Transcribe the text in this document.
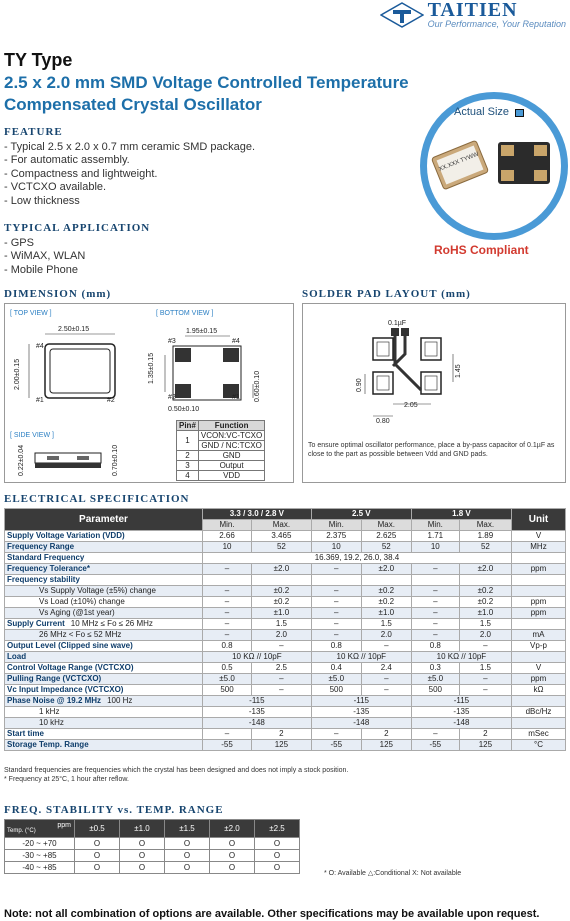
TAITIEN
Our Performance, Your Reputation
TY Type
2.5 x 2.0 mm SMD Voltage Controlled Temperature Compensated Crystal Oscillator
FEATURE
- Typical 2.5 x 2.0 x 0.7 mm ceramic SMD package.
- For automatic assembly.
- Compactness and lightweight.
- VCTCXO available.
- Low thickness
TYPICAL APPLICATION
- GPS
- WiMAX, WLAN
- Mobile Phone
Actual Size
XX.XXX TYWW
RoHS Compliant
DIMENSION (mm)
[ TOP VIEW ]	[ BOTTOM VIEW ]
[ SIDE VIEW ]
2.50±0.15
2.00±0.15
#4
#1	#2
1.95±0.15
1.35±0.15
0.60±0.10
0.50±0.10
#3	#4
#2	#1
0.22±0.04	0.70±0.10
Pin#	Function
1	VCON:VC-TCXO
	GND / NC:TCXO
2	GND
3	Output
4	VDD
SOLDER PAD LAYOUT (mm)
0.1µF
1.45
0.90
2.05
0.80
To ensure optimal oscillator performance, place a by-pass capacitor of 0.1µF as close to the part as possible between Vdd and GND pads.
ELECTRICAL SPECIFICATION
Parameter	3.3 / 3.0 / 2.8 V		2.5 V		1.8 V		Unit
	Min.	Max.	Min.	Max.	Min.	Max.	
Supply Voltage Variation (VDD)	2.66	3.465	2.375	2.625	1.71	1.89	V
Frequency Range	10	52	10	52	10	52	MHz
Standard Frequency	16.369, 19.2, 26.0, 38.4						
Frequency Tolerance*	–	±2.0	–	±2.0	–	±2.0	ppm
Frequency stability							
Vs Supply Voltage (±5%) change	–	±0.2	–	±0.2	–	±0.2	
Vs Load (±10%) change	–	±0.2	–	±0.2	–	±0.2	ppm
Vs Aging (@1st year)	–	±1.0	–	±1.0	–	±1.0	ppm
Supply Current 10 MHz ≤ Fo ≤ 26 MHz	–	1.5	–	1.5	–	1.5	
26 MHz < Fo ≤ 52 MHz	–	2.0	–	2.0	–	2.0	mA
Output Level (Clipped sine wave)	0.8	–	0.8	–	0.8	–	Vp-p
Load	10 KΩ // 10pF		10 KΩ // 10pF		10 KΩ // 10pF		
Control Voltage Range (VCTCXO)	0.5	2.5	0.4	2.4	0.3	1.5	V
Pulling Range (VCTCXO)	±5.0	–	±5.0	–	±5.0	–	ppm
Vc Input Impedance (VCTCXO)	500	–	500	–	500	–	kΩ
Phase Noise @ 19.2 MHz 100 Hz	-115		-115		-115		
1 kHz	-135		-135		-135		dBc/Hz
10 kHz	-148		-148		-148		
Start time	–	2	–	2	–	2	mSec
Storage Temp. Range	-55	125	-55	125	-55	125	°C
Standard frequencies are frequencies which the crystal has been designed and does not imply a stock position.
* Frequency at 25°C, 1 hour after reflow.
FREQ. STABILITY vs. TEMP. RANGE
ppm
Temp. (°C)	±0.5	±1.0	±1.5	±2.0	±2.5
-20 ~ +70	O	O	O	O	O
-30 ~ +85	O	O	O	O	O
-40 ~ +85	O	O	O	O	O
* O: Available △:Conditional X: Not available
Note: not all combination of options are available. Other specifications may be available upon request.
